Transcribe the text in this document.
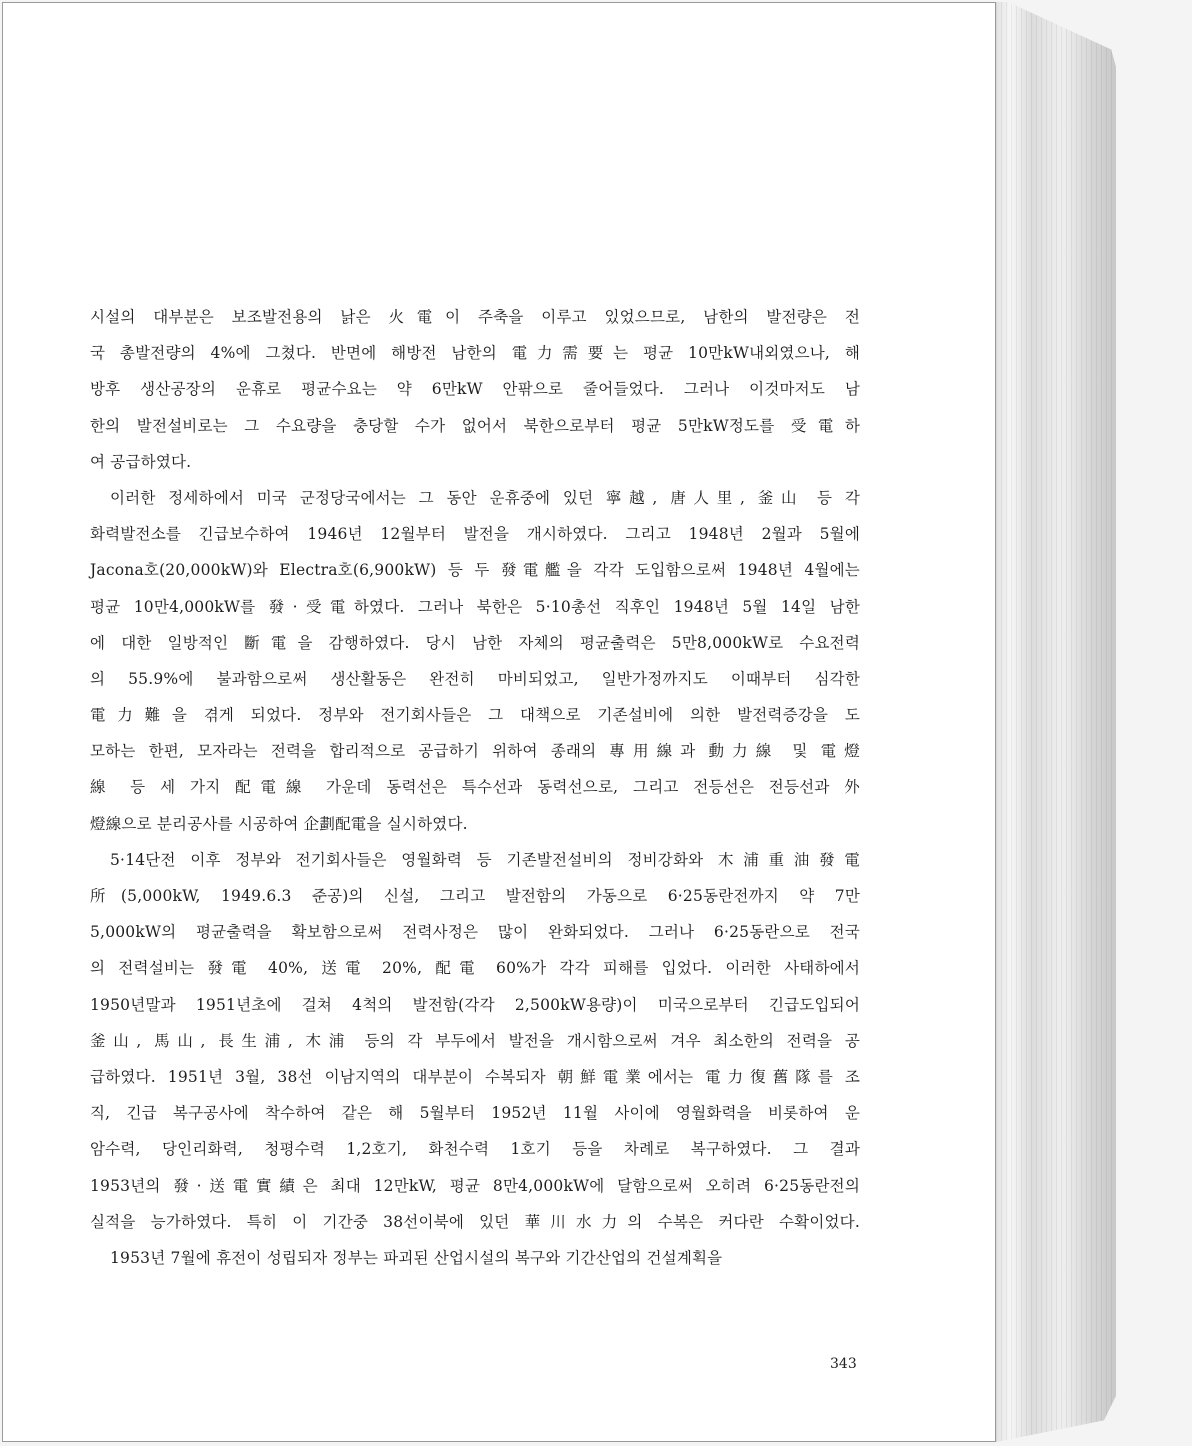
시설의 대부분은 보조발전용의 낡은 火電이 주축을 이루고 있었으므로, 남한의 발전량은 전
국 총발전량의 4%에 그쳤다. 반면에 해방전 남한의 電力需要는 평균 10만kW내외였으나, 해
방후 생산공장의 운휴로 평균수요는 약 6만kW 안팎으로 줄어들었다. 그러나 이것마저도 남
한의 발전설비로는 그 수요량을 충당할 수가 없어서 북한으로부터 평균 5만kW정도를 受電하
여 공급하였다.
이러한 정세하에서 미국 군정당국에서는 그 동안 운휴중에 있던 寧越, 唐人里, 釜山 등 각
화력발전소를 긴급보수하여 1946년 12월부터 발전을 개시하였다. 그리고 1948년 2월과 5월에
Jacona호(20,000kW)와 Electra호(6,900kW) 등 두 發電艦을 각각 도입함으로써 1948년 4월에는
평균 10만4,000kW를 發·受電하였다. 그러나 북한은 5·10총선 직후인 1948년 5월 14일 남한
에 대한 일방적인 斷電을 감행하였다. 당시 남한 자체의 평균출력은 5만8,000kW로 수요전력
의 55.9%에 불과함으로써 생산활동은 완전히 마비되었고, 일반가정까지도 이때부터 심각한
電力難을 겪게 되었다. 정부와 전기회사들은 그 대책으로 기존설비에 의한 발전력증강을 도
모하는 한편, 모자라는 전력을 합리적으로 공급하기 위하여 종래의 專用線과 動力線 및 電燈
線 등 세 가지 配電線 가운데 동력선은 특수선과 동력선으로, 그리고 전등선은 전등선과 外
燈線으로 분리공사를 시공하여 企劃配電을 실시하였다.
5·14단전 이후 정부와 전기회사들은 영월화력 등 기존발전설비의 정비강화와 木浦重油發電
所(5,000kW, 1949.6.3 준공)의 신설, 그리고 발전함의 가동으로 6·25동란전까지 약 7만
5,000kW의 평균출력을 확보함으로써 전력사정은 많이 완화되었다. 그러나 6·25동란으로 전국
의 전력설비는 發電 40%, 送電 20%, 配電 60%가 각각 피해를 입었다. 이러한 사태하에서
1950년말과 1951년초에 걸쳐 4척의 발전함(각각 2,500kW용량)이 미국으로부터 긴급도입되어
釜山, 馬山, 長生浦, 木浦 등의 각 부두에서 발전을 개시함으로써 겨우 최소한의 전력을 공
급하였다. 1951년 3월, 38선 이남지역의 대부분이 수복되자 朝鮮電業에서는 電力復舊隊를 조
직, 긴급 복구공사에 착수하여 같은 해 5월부터 1952년 11월 사이에 영월화력을 비롯하여 운
암수력, 당인리화력, 청평수력 1,2호기, 화천수력 1호기 등을 차례로 복구하였다. 그 결과
1953년의 發·送電實績은 최대 12만kW, 평균 8만4,000kW에 달함으로써 오히려 6·25동란전의
실적을 능가하였다. 특히 이 기간중 38선이북에 있던 華川水力의 수복은 커다란 수확이었다.
1953년 7월에 휴전이 성립되자 정부는 파괴된 산업시설의 복구와 기간산업의 건설계획을
343
